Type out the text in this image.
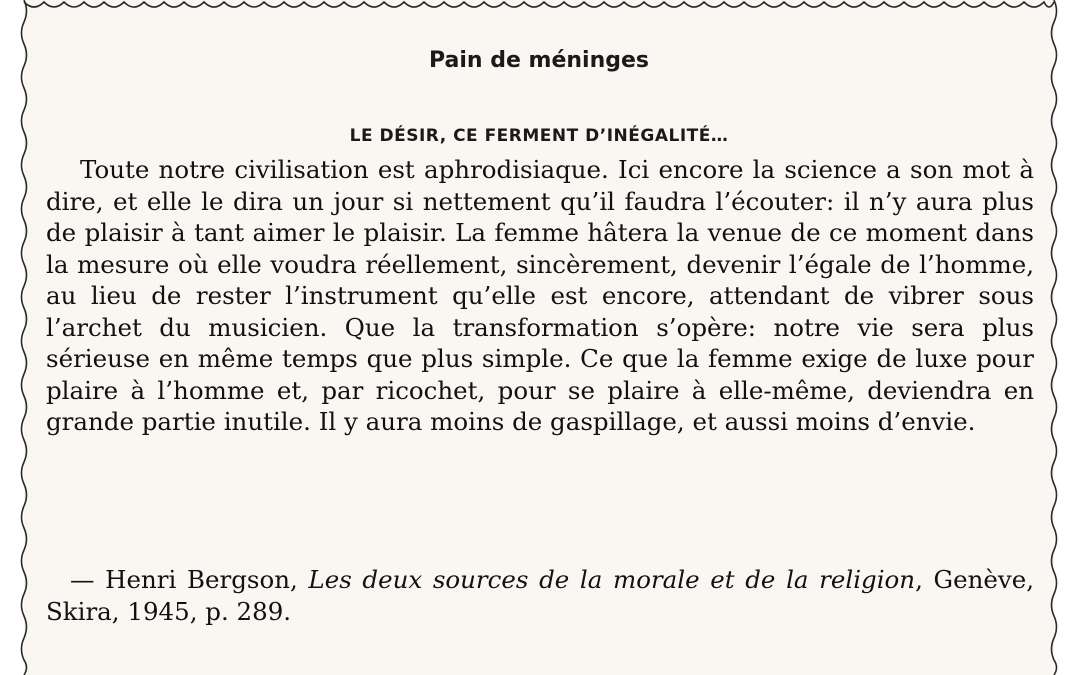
Pain de méninges
LE DÉSIR, CE FERMENT D’INÉGALITÉ…

Toute notre civilisation est aphrodisiaque. Ici encore la science a son mot à dire, et elle le dira un jour si nettement qu’il faudra l’écouter: il n’y aura plus de plaisir à tant aimer le plaisir. La femme hâtera la venue de ce moment dans la mesure où elle voudra réellement, sincèrement, devenir l’égale de l’homme, au lieu de rester l’instrument qu’elle est encore, attendant de vibrer sous l’archet du musicien. Que la transformation s’opère: notre vie sera plus sérieuse en même temps que plus simple. Ce que la femme exige de luxe pour plaire à l’homme et, par ricochet, pour se plaire à elle-même, deviendra en grande partie inutile. Il y aura moins de gaspillage, et aussi moins d’envie.

— Henri Bergson, Les deux sources de la morale et de la religion, Genève, Skira, 1945, p. 289.
